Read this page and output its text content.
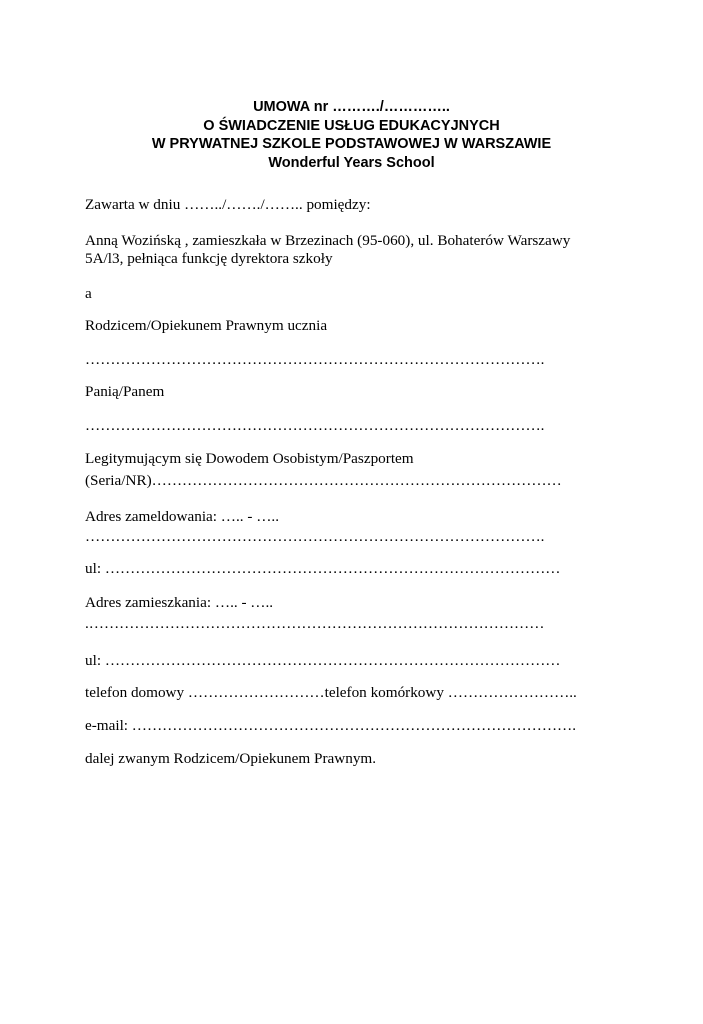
UMOWA nr ………./…………..
O ŚWIADCZENIE USŁUG EDUKACYJNYCH
W PRYWATNEJ SZKOLE PODSTAWOWEJ W WARSZAWIE
Wonderful Years School
Zawarta w dniu ……../……./…….. pomiędzy:
Anną Wozińską , zamieszkała w Brzezinach (95-060), ul. Bohaterów Warszawy
5A/l3, pełniąca funkcję dyrektora szkoły
a
Rodzicem/Opiekunem Prawnym ucznia
……………………………………………………………………………….
Panią/Panem
……………………………………………………………………………….
Legitymującym się Dowodem Osobistym/Paszportem
(Seria/NR)………………………………………………………………………
Adres zameldowania: ….. - …..
……………………………………………………………………………….
ul: ………………………………………………………………………………
Adres zamieszkania: ….. - …..
.………………………………………………………………………………
ul: ………………………………………………………………………………
telefon domowy ………………………telefon komórkowy ……………………..
e-mail: …………………………………………………………………………….
dalej zwanym Rodzicem/Opiekunem Prawnym.
